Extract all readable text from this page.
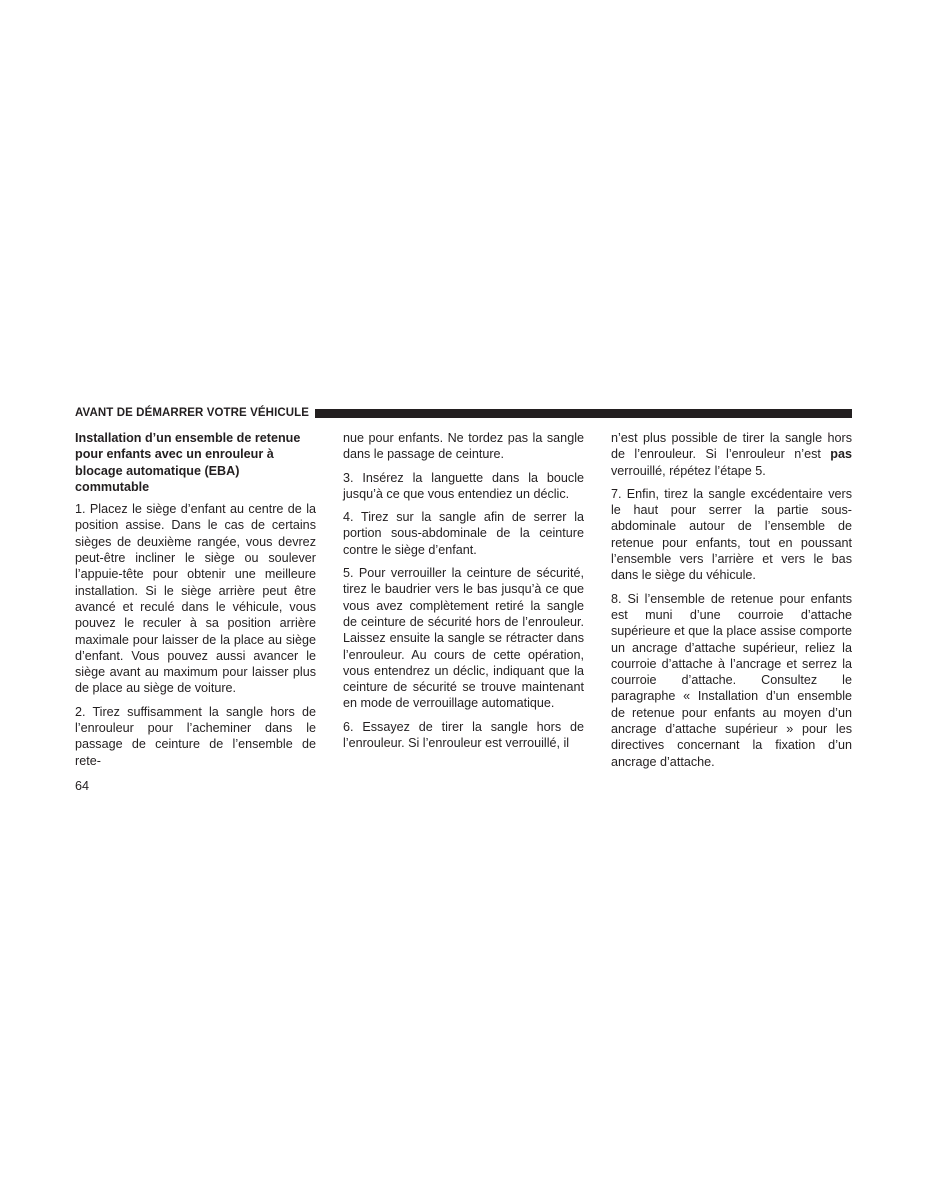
AVANT DE DÉMARRER VOTRE VÉHICULE
Installation d’un ensemble de retenue pour enfants avec un enrouleur à blocage automatique (EBA) commutable

1. Placez le siège d’enfant au centre de la position assise. Dans le cas de certains sièges de deuxième rangée, vous devrez peut-être incliner le siège ou soulever l’appuie-tête pour obtenir une meilleure installation. Si le siège arrière peut être avancé et reculé dans le véhicule, vous pouvez le reculer à sa position arrière maximale pour laisser de la place au siège d’enfant. Vous pouvez aussi avancer le siège avant au maximum pour laisser plus de place au siège de voiture.

2. Tirez suffisamment la sangle hors de l’enrouleur pour l’acheminer dans le passage de ceinture de l’ensemble de rete-

nue pour enfants. Ne tordez pas la sangle dans le passage de ceinture.

3. Insérez la languette dans la boucle jusqu’à ce que vous entendiez un déclic.

4. Tirez sur la sangle afin de serrer la portion sous-abdominale de la ceinture contre le siège d’enfant.

5. Pour verrouiller la ceinture de sécurité, tirez le baudrier vers le bas jusqu’à ce que vous avez complètement retiré la sangle de ceinture de sécurité hors de l’enrouleur. Laissez ensuite la sangle se rétracter dans l’enrouleur. Au cours de cette opération, vous entendrez un déclic, indiquant que la ceinture de sécurité se trouve maintenant en mode de verrouillage automatique.

6. Essayez de tirer la sangle hors de l’enrouleur. Si l’enrouleur est verrouillé, il

n’est plus possible de tirer la sangle hors de l’enrouleur. Si l’enrouleur n’est pas verrouillé, répétez l’étape 5.

7. Enfin, tirez la sangle excédentaire vers le haut pour serrer la partie sous-abdominale autour de l’ensemble de retenue pour enfants, tout en poussant l’ensemble vers l’arrière et vers le bas dans le siège du véhicule.

8. Si l’ensemble de retenue pour enfants est muni d’une courroie d’attache supérieure et que la place assise comporte un ancrage d’attache supérieur, reliez la courroie d’attache à l’ancrage et serrez la courroie d’attache. Consultez le paragraphe « Installation d’un ensemble de retenue pour enfants au moyen d’un ancrage d’attache supérieur » pour les directives concernant la fixation d’un ancrage d’attache.

64
